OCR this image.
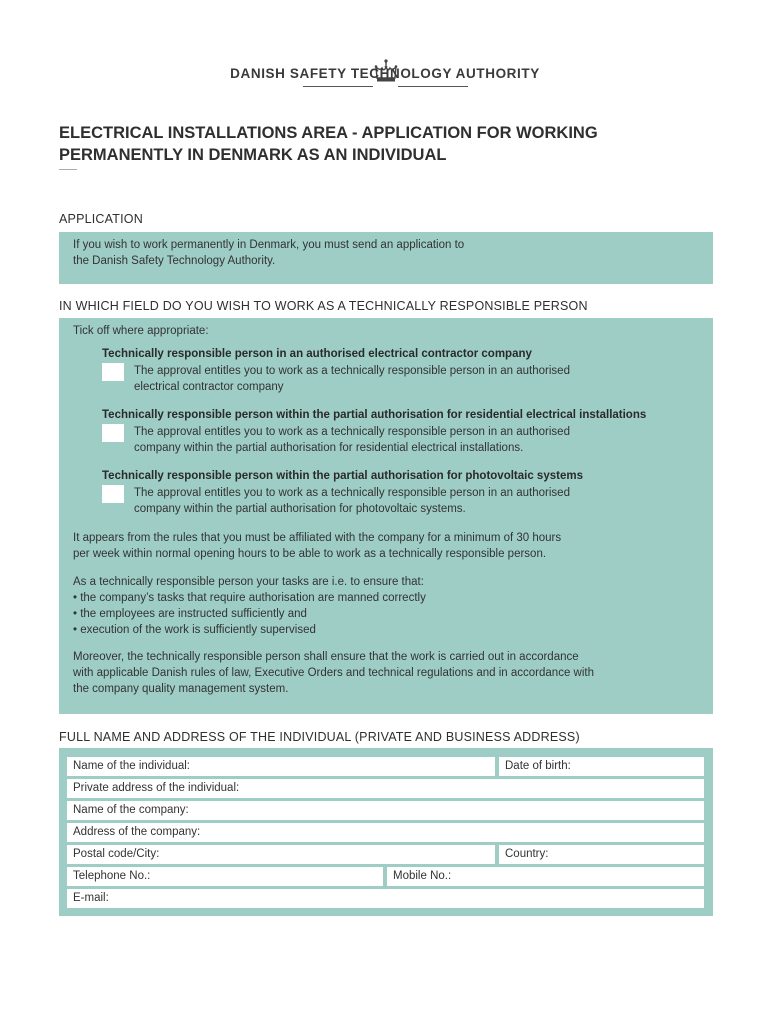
DANISH SAFETY TECHNOLOGY AUTHORITY
ELECTRICAL INSTALLATIONS AREA - APPLICATION FOR WORKING
PERMANENTLY IN DENMARK AS AN INDIVIDUAL
APPLICATION
If you wish to work permanently in Denmark, you must send an application to
the Danish Safety Technology Authority.
IN WHICH FIELD DO YOU WISH TO WORK AS A TECHNICALLY RESPONSIBLE PERSON
Tick off where appropriate:
Technically responsible person in an authorised electrical contractor company
The approval entitles you to work as a technically responsible person in an authorised
electrical contractor company
Technically responsible person within the partial authorisation for residential electrical installations
The approval entitles you to work as a technically responsible person in an authorised
company within the partial authorisation for residential electrical installations.
Technically responsible person within the partial authorisation for photovoltaic systems
The approval entitles you to work as a technically responsible person in an authorised
company within the partial authorisation for photovoltaic systems.
It appears from the rules that you must be affiliated with the company for a minimum of 30 hours
per week within normal opening hours to be able to work as a technically responsible person.
As a technically responsible person your tasks are i.e. to ensure that:
• the company’s tasks that require authorisation are manned correctly
• the employees are instructed sufficiently and
• execution of the work is sufficiently supervised
Moreover, the technically responsible person shall ensure that the work is carried out in accordance
with applicable Danish rules of law, Executive Orders and technical regulations and in accordance with
the company quality management system.
FULL NAME AND ADDRESS OF THE INDIVIDUAL (PRIVATE AND BUSINESS ADDRESS)
Name of the individual:	Date of birth:
Private address of the individual:
Name of the company:
Address of the company:
Postal code/City:	Country:
Telephone No.:	Mobile No.:
E-mail:
